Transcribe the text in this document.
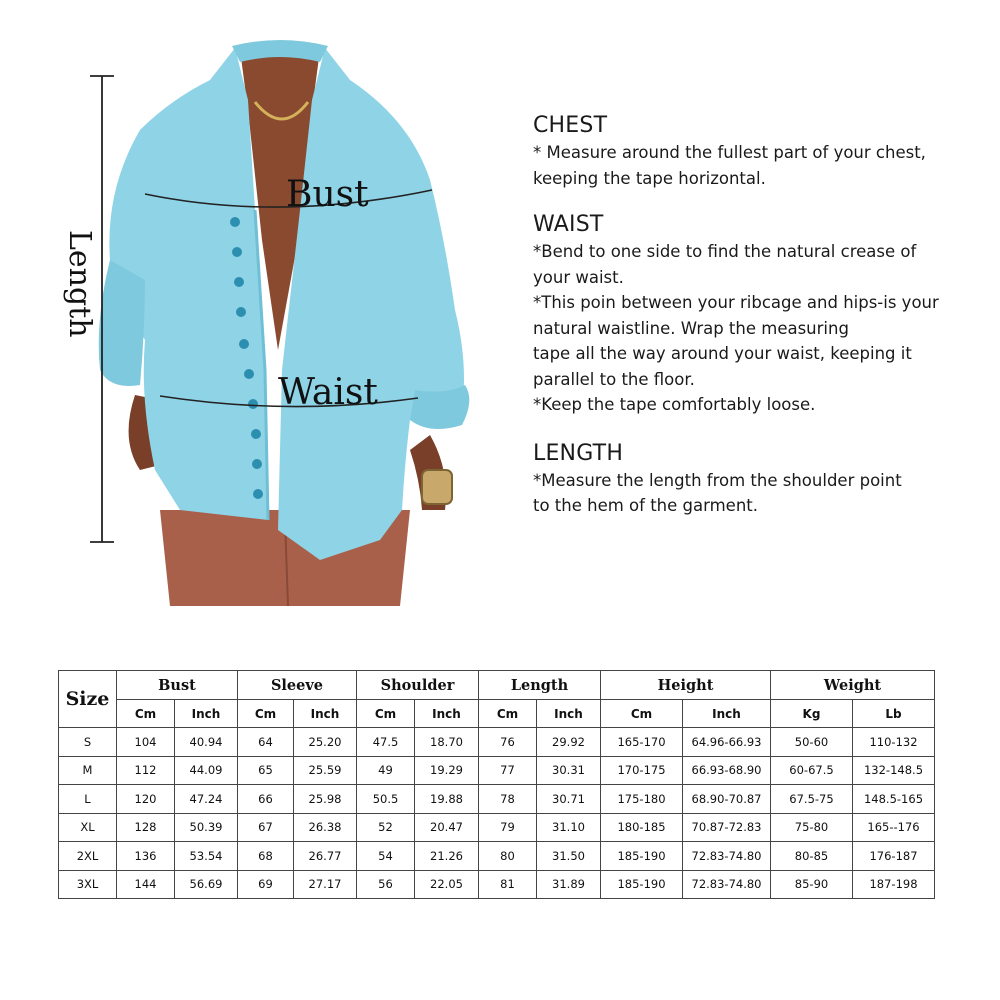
Bust
Waist
Length
CHEST

* Measure around the fullest part of your chest,

keeping the tape horizontal.

WAIST

*Bend to one side to find the natural crease of

your waist.

*This poin between your ribcage and hips-is your

natural waistline. Wrap the measuring

tape all the way around your waist, keeping it

parallel to the floor.

*Keep the tape comfortably loose.

LENGTH

*Measure the length from the shoulder point

to the hem of the garment.

Size	Bust		Sleeve		Shoulder		Length		Height		Weight	
	Cm	Inch	Cm	Inch	Cm	Inch	Cm	Inch	Cm	Inch	Kg	Lb
S	104	40.94	64	25.20	47.5	18.70	76	29.92	165-170	64.96-66.93	50-60	110-132
M	112	44.09	65	25.59	49	19.29	77	30.31	170-175	66.93-68.90	60-67.5	132-148.5
L	120	47.24	66	25.98	50.5	19.88	78	30.71	175-180	68.90-70.87	67.5-75	148.5-165
XL	128	50.39	67	26.38	52	20.47	79	31.10	180-185	70.87-72.83	75-80	165--176
2XL	136	53.54	68	26.77	54	21.26	80	31.50	185-190	72.83-74.80	80-85	176-187
3XL	144	56.69	69	27.17	56	22.05	81	31.89	185-190	72.83-74.80	85-90	187-198
